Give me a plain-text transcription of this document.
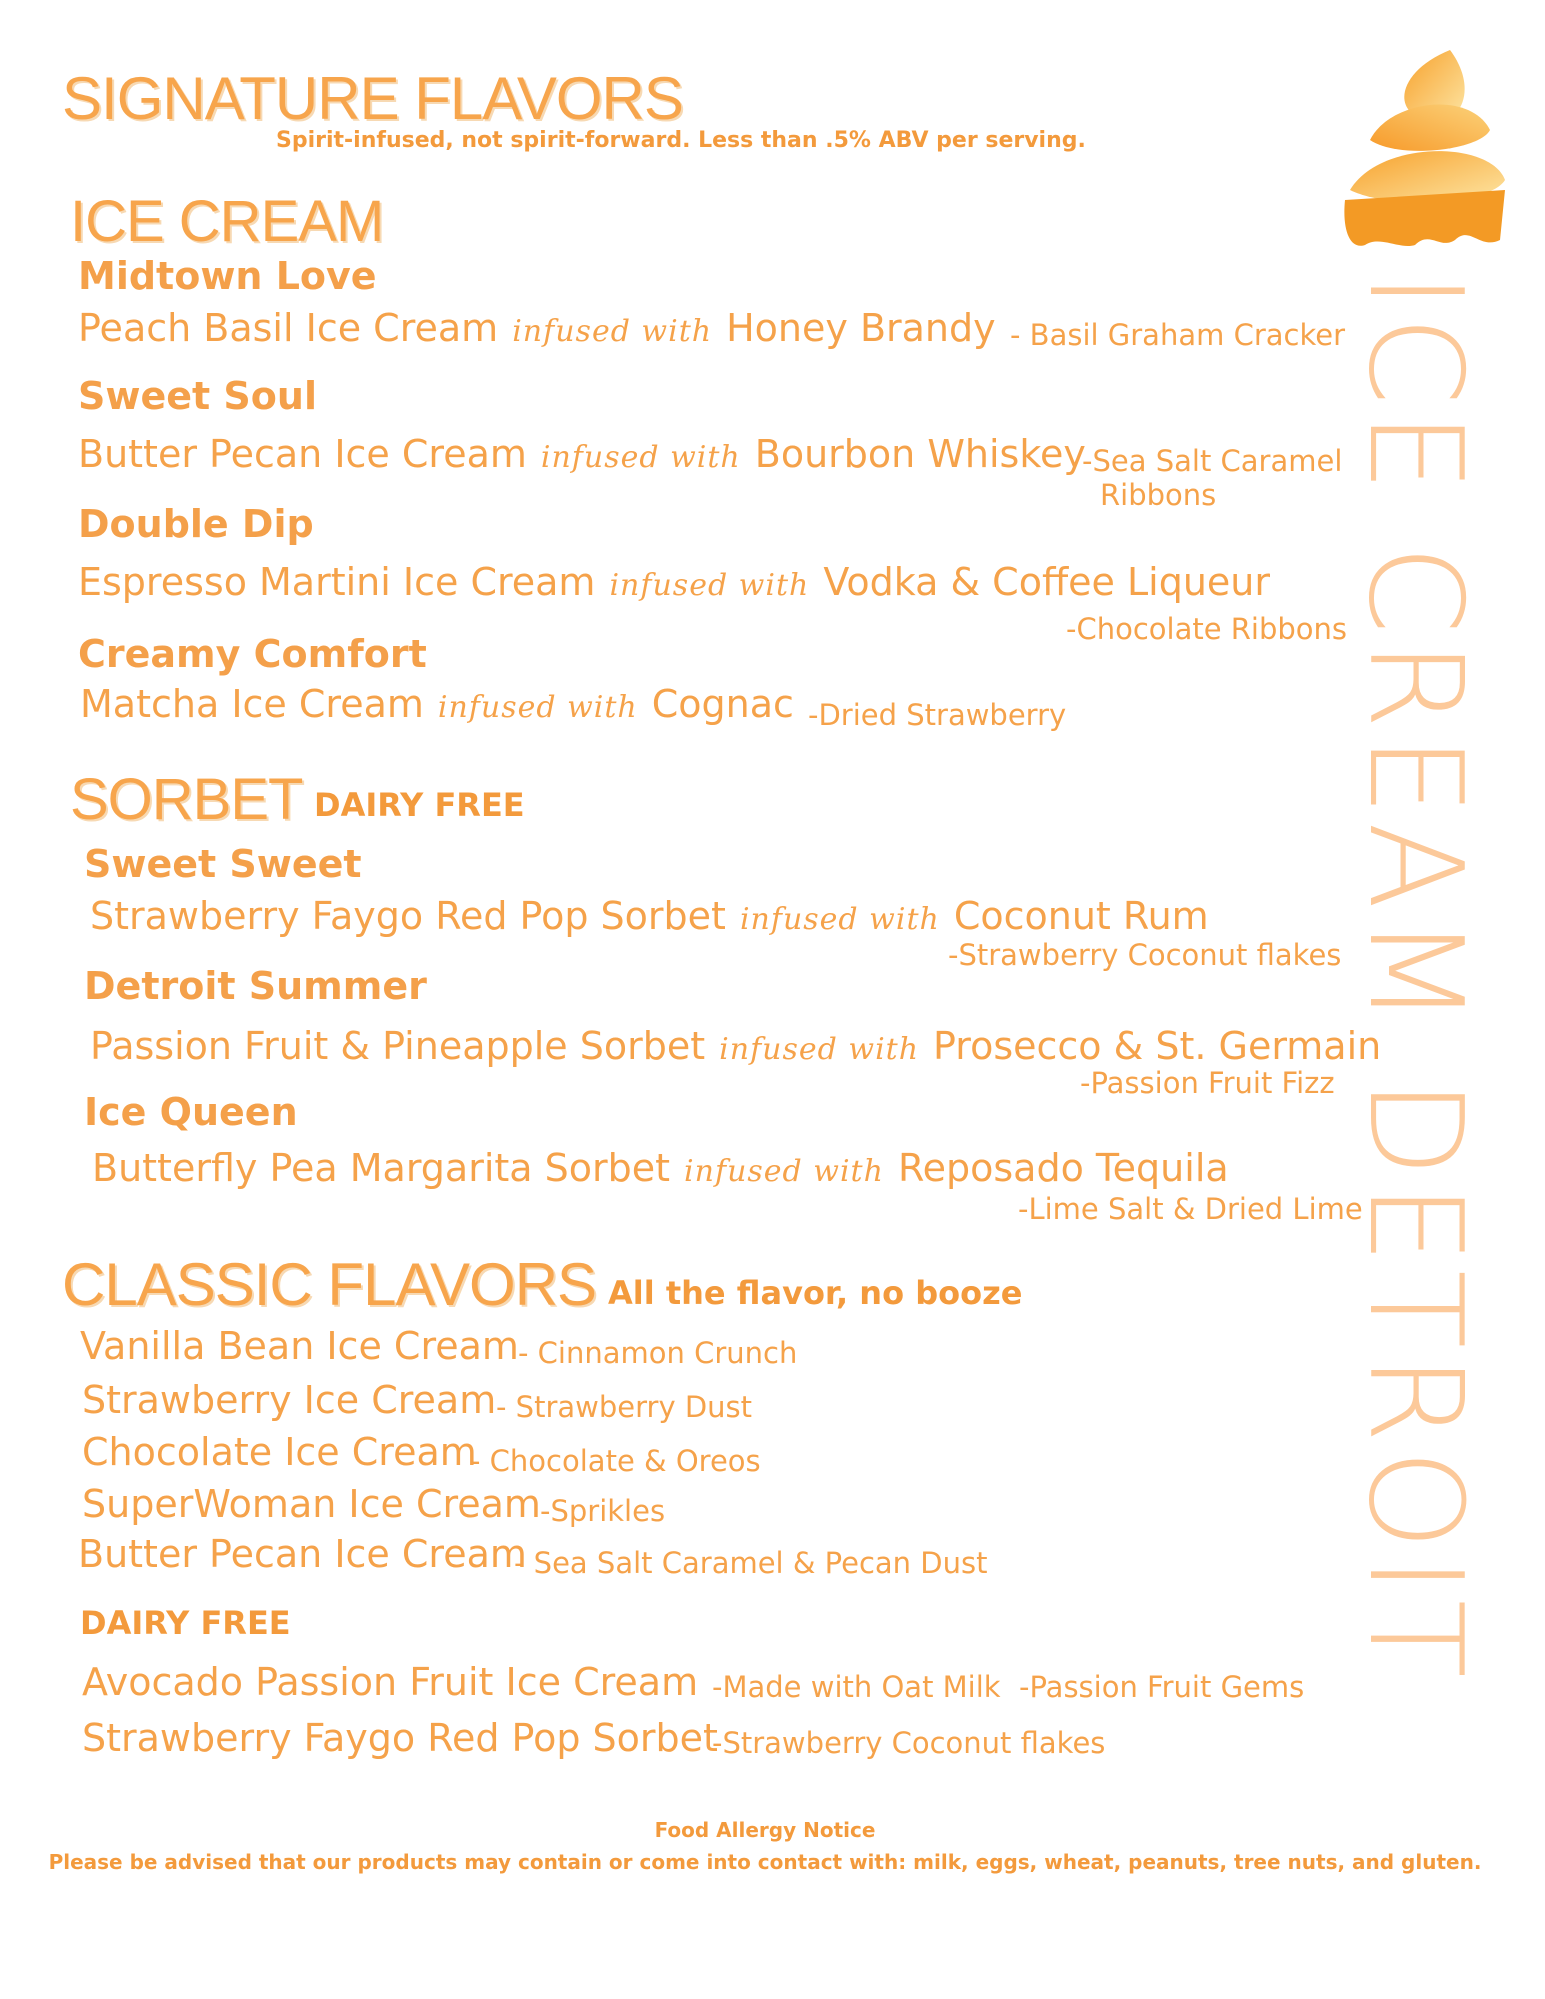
ICE CREAM DETROIT
SIGNATURE FLAVORS
Spirit-infused, not spirit-forward. Less than .5% ABV per serving.
ICE CREAM
Midtown Love
Peach Basil Ice Cream infused with Honey Brandy - Basil Graham Cracker
Sweet Soul
Butter Pecan Ice Cream infused with Bourbon Whiskey
-Sea Salt Caramel
Ribbons
Double Dip
Espresso Martini Ice Cream infused with Vodka & Coffee Liqueur
-Chocolate Ribbons
Creamy Comfort
Matcha Ice Cream infused with Cognac -Dried Strawberry
SORBET DAIRY FREE
Sweet Sweet
Strawberry Faygo Red Pop Sorbet infused with Coconut Rum
-Strawberry Coconut flakes
Detroit Summer
Passion Fruit & Pineapple Sorbet infused with Prosecco & St. Germain
-Passion Fruit Fizz
Ice Queen
Butterfly Pea Margarita Sorbet infused with Reposado Tequila
-Lime Salt & Dried Lime
CLASSIC FLAVORS All the flavor, no booze
Vanilla Bean Ice Cream - Cinnamon Crunch
Strawberry Ice Cream - Strawberry Dust
Chocolate Ice Cream
- Chocolate & Oreos
SuperWoman Ice Cream -Sprikles
Butter Pecan Ice Cream
- Sea Salt Caramel & Pecan Dust
DAIRY FREE
Avocado Passion Fruit Ice Cream -Made with Oat Milk  -Passion Fruit Gems
Strawberry Faygo Red Pop Sorbet
-Strawberry Coconut flakes
Food Allergy Notice
Please be advised that our products may contain or come into contact with: milk, eggs, wheat, peanuts, tree nuts, and gluten.
